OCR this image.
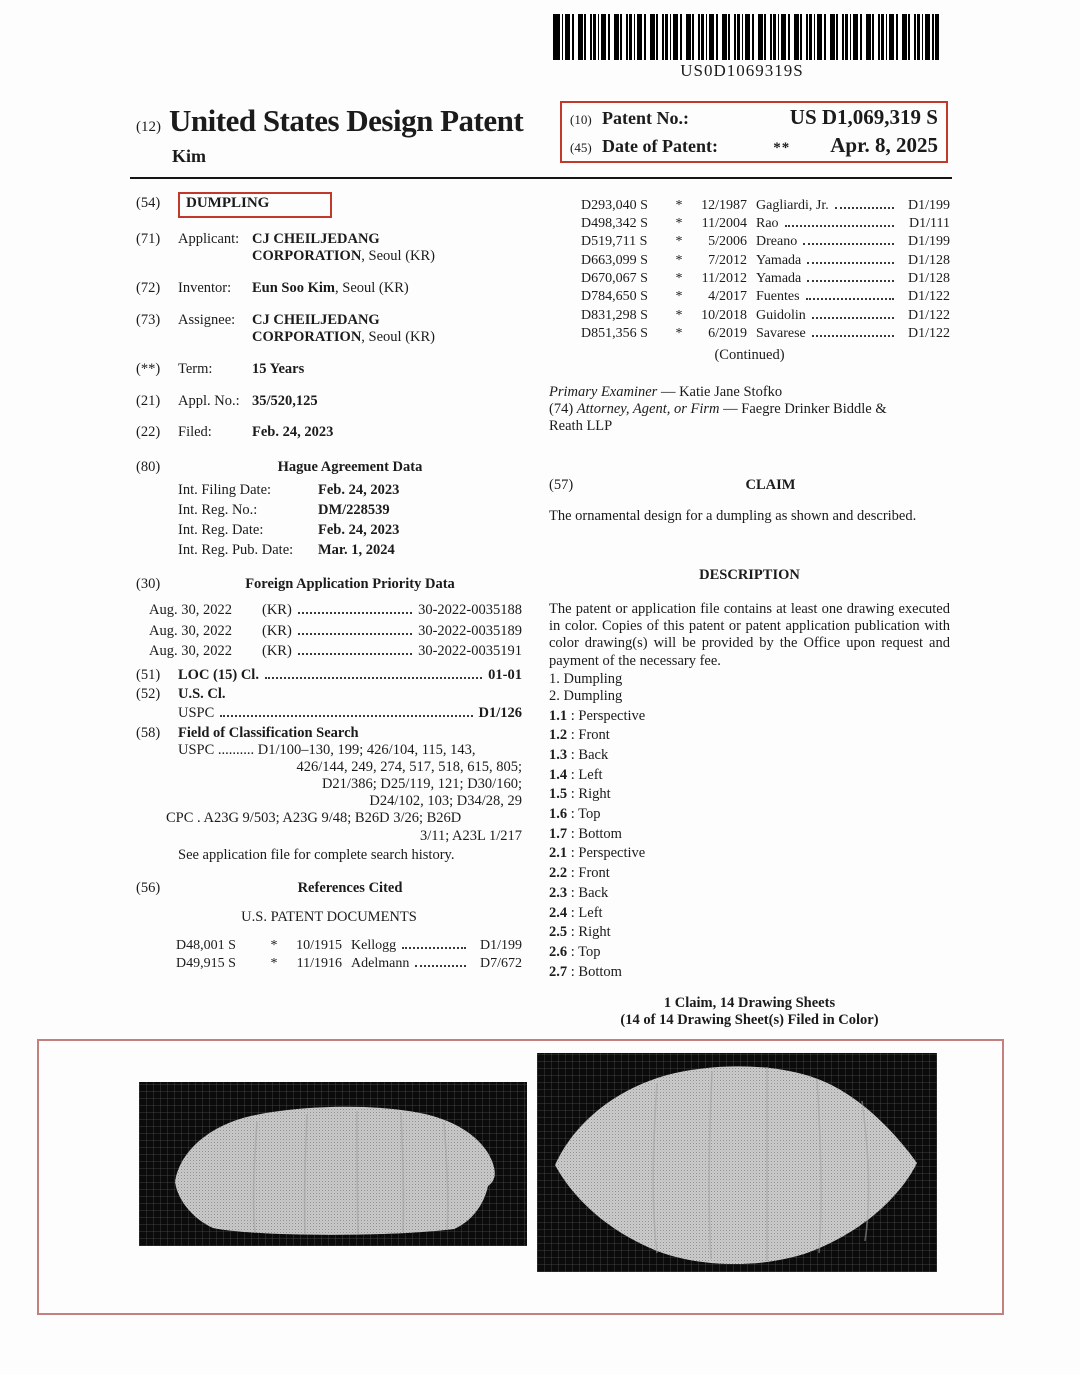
US0D1069319S
(12) United States Design Patent
Kim
(10) Patent No.:	US D1,069,319 S
(45) Date of Patent:	** Apr. 8, 2025
(54)	DUMPLING
(71)	Applicant: CJ CHEILJEDANG
CORPORATION, Seoul (KR)
(72)	Inventor:	Eun Soo Kim, Seoul (KR)
(73)	Assignee:	CJ CHEILJEDANG
CORPORATION, Seoul (KR)
(**)	Term:	15 Years
(21)	Appl. No.: 35/520,125
(22)	Filed:	Feb. 24, 2023
(80)	Hague Agreement Data
Int. Filing Date:	Feb. 24, 2023
Int. Reg. No.:	DM/228539
Int. Reg. Date:	Feb. 24, 2023
Int. Reg. Pub. Date:	Mar. 1, 2024
(30)	Foreign Application Priority Data
Aug. 30, 2022	(KR)	30-2022-0035188
Aug. 30, 2022	(KR)	30-2022-0035189
Aug. 30, 2022	(KR)	30-2022-0035191
(51)	LOC (15) Cl.	01-01
(52)	U.S. Cl.
USPC	D1/126
(58)	Field of Classification Search
USPC .......... D1/100–130, 199; 426/104, 115, 143,
426/144, 249, 274, 517, 518, 615, 805;
D21/386; D25/119, 121; D30/160;
D24/102, 103; D34/28, 29
CPC . A23G 9/503; A23G 9/48; B26D 3/26; B26D
3/11; A23L 1/217
See application file for complete search history.
(56)	References Cited
U.S. PATENT DOCUMENTS
D48,001 S	*	10/1915 Kellogg	D1/199
D49,915 S	*	11/1916 Adelmann	D7/672
D293,040 S	*	12/1987 Gagliardi, Jr.	D1/199
D498,342 S	*	11/2004 Rao	D1/111
D519,711 S	*	5/2006 Dreano	D1/199
D663,099 S	*	7/2012 Yamada	D1/128
D670,067 S	*	11/2012 Yamada	D1/128
D784,650 S	*	4/2017 Fuentes	D1/122
D831,298 S	*	10/2018 Guidolin	D1/122
D851,356 S	*	6/2019 Savarese	D1/122
(Continued)
Primary Examiner — Katie Jane Stofko
(74) Attorney, Agent, or Firm — Faegre Drinker Biddle &
Reath LLP
(57)	CLAIM
The ornamental design for a dumpling as shown and described.
DESCRIPTION
The patent or application file contains at least one drawing executed in color. Copies of this patent or patent application publication with color drawing(s) will be provided by the Office upon request and payment of the necessary fee.
1. Dumpling
2. Dumpling
1.1 : Perspective
1.2 : Front
1.3 : Back
1.4 : Left
1.5 : Right
1.6 : Top
1.7 : Bottom
2.1 : Perspective
2.2 : Front
2.3 : Back
2.4 : Left
2.5 : Right
2.6 : Top
2.7 : Bottom
1 Claim, 14 Drawing Sheets
(14 of 14 Drawing Sheet(s) Filed in Color)
